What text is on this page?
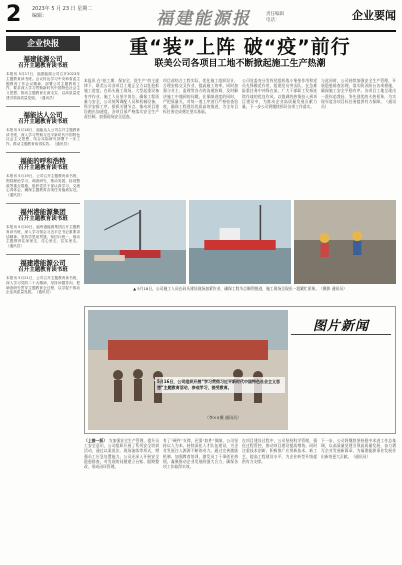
2 2023年 5 月 23 日 星期二
编辑：	福建能源报	责任编辑
电话：	企业要闻
企业快报
福建能源公司
召开主题教育读书班
本报讯 5月17日，福建能源公司召开2023年主题教育读书班。会议传达学习中央和省委主题教育工作会议精神，部署公司主题教育工作，要求深入学习贯彻新时代中国特色社会主义思想，推动主题教育走深走实，以高质量党建引领高质量发展。（通讯员）
福能达人公司
召开主题教育读书班
本报讯 5月18日，福能达人公司召开主题教育读书班，深入学习贯彻习近平新时代中国特色社会主义思想，结合实际研究部署下一步工作，推动主题教育取得实效。（通讯员）
福能的呼和浩特
召开主题教育读书班
本报讯 5月19日，公司召开主题教育读书班，围绕理论学习、调查研究、推动发展、检视整改等重点措施，组织党员干部认真学习，交流心得体会，确保主题教育各项任务落到实处。（通讯员）
福州港能源集团
召开主题教育读书班
本报讯 5月20日，福州港能源集团召开主题教育读书班，深入学习领会习近平总书记重要讲话精神，坚持学思用贯通、知信行统一，推动主题教育往深里走、往心里走、往实里走。（通讯员）
福建港能源公司
召开主题教育读书班
本报讯 5月21日，公司召开主题教育读书班，深入学习党的二十大精神，坚持问题导向，把调查研究贯穿主题教育全过程，以学促干推动企业高质量发展。（通讯员）
重“装”上阵 破“疫”前行
联美公司各项目工地不断掀起施工生产热潮
本报讯 在“抢工期、保安全、促生产”的主旋律下，联美公司各项目工地正全力以赴抢抓施工进度。在码头施工现场，大型起重设备有序作业，施工人员坚守岗位，确保工程质量与安全。公司统筹调配人员和机械设备，科学安排工序，狠抓关键节点，推动项目建设跑出加速度。各项目部严格落实安全生产责任制，加强现场安全巡查。
项目部结合工程实际，优化施工组织设计，合理安排交叉作业，提高施工效率。同时加强与业主、监理等各方的沟通协调，及时解决施工中遇到的问题。在保障进度的同时，严把质量关，对每一道工序进行严格检查验收，确保工程建设优质高效推进，为全年目标任务完成奠定坚实基础。
公司党委充分发挥党组织战斗堡垒作用和党员先锋模范作用，组建党员突击队，在急难险重任务中冲锋在前。广大干部职工发扬连续作战的优良作风，以饱满的热情投入到项目建设中，为推动企业高质量发展贡献力量。下一步公司将继续抓好各项工作落实。
与此同时，公司持续加强安全生产管理，开展隐患排查治理，落实防汛防台各项措施，确保施工安全平稳有序。各项目工地呈现出一派你追我赶、争先创优的火热景象，为实现年度各项目标任务提供有力保障。（通讯员）
▲ 5月18日，公司施工人员在码头建设现场加紧作业，确保工程节点顺利推进，施工现场呈现出一派繁忙景象。（摄影 通讯员）
图片新闻
5月16日，公司组织开展“学习贯彻习近平新时代中国特色社会主义思想”主题教育活动，参观学习，接受教育。
（李××摄 通讯员）
（上接一版） 为加强安全生产管理，提升员工安全意识，公司组织开展了系列安全培训活动，通过以案说法、现场演练等形式，增强员工应急处置能力。公司还深入开展安全隐患排查，对发现的问题建立台账、限期整改，形成闭环管理。
有了“硬件”支撑，还需“软件”保障。公司坚持以人为本，持续深化人才队伍建设，为企业发展注入源源不断的动力。通过完善激励机制、加强教育培训，激发员工干事创业热情，凝聚推动企业发展的强大合力，确保各项工作取得实效。
在项目建设过程中，公司坚持科学管理，强化过程管控，推动项目建设提质增效。同时注重技术创新，积极推广应用新技术、新工艺，提高工程建设水平，为企业转型升级提供有力支撑。
下一步，公司将继续坚持稳中求进工作总基调，以高质量党建引领高质量发展，奋力谱写企业发展新篇章，为福建能源事业发展作出新的更大贡献。（通讯员）
